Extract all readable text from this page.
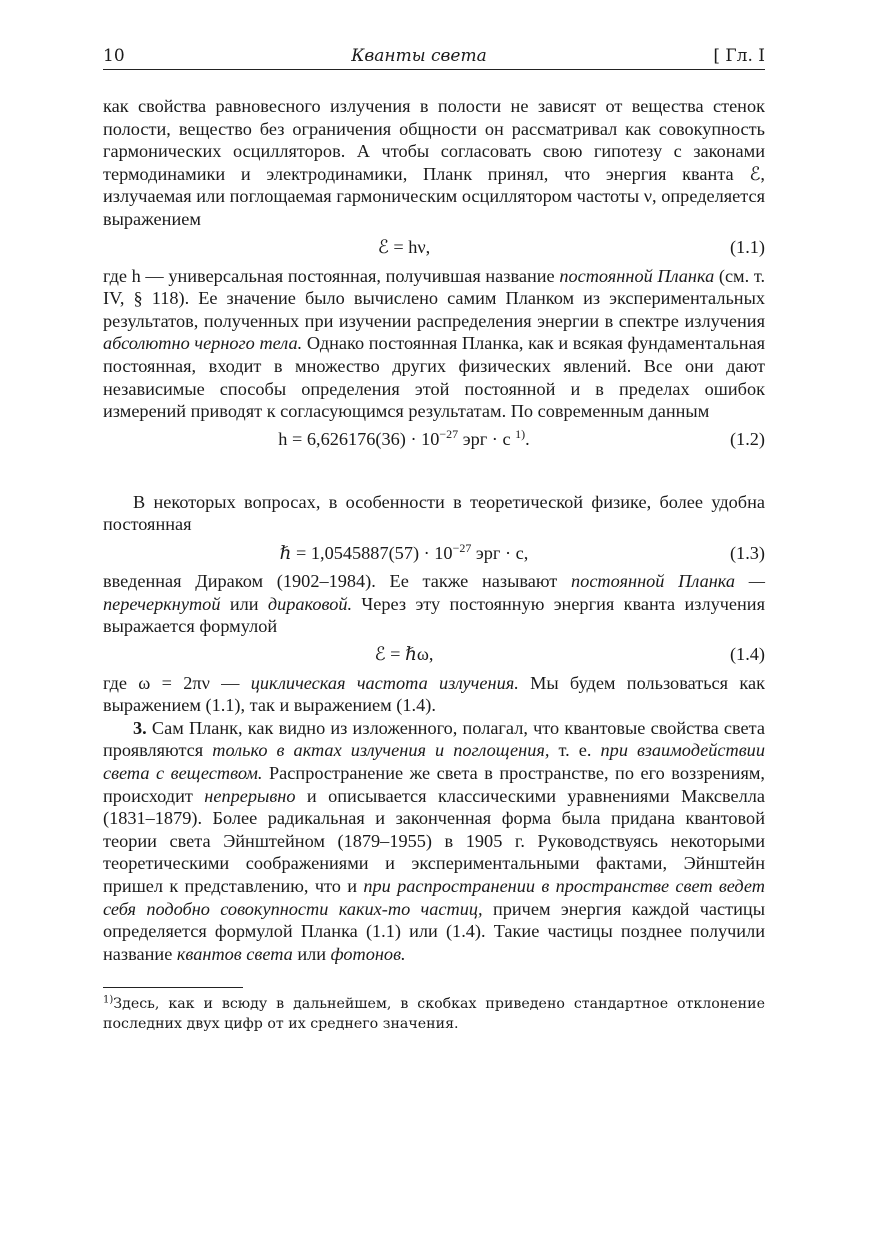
10	Кванты света	[ Гл. I

как свойства равновесного излучения в полости не зависят от вещества стенок полости, вещество без ограничения общности он рассматривал как совокупность гармонических осцилляторов. А чтобы согласовать свою гипотезу с законами термодинамики и электродинамики, Планк принял, что энергия кванта ℰ, излучаемая или поглощаемая гармоническим осциллятором частоты ν, определяется выражением

ℰ = hν,	(1.1)

где h — универсальная постоянная, получившая название постоянной Планка (см. т. IV, § 118). Ее значение было вычислено самим Планком из экспериментальных результатов, полученных при изучении распределения энергии в спектре излучения абсолютно черного тела. Однако постоянная Планка, как и всякая фундаментальная постоянная, входит в множество других физических явлений. Все они дают независимые способы определения этой постоянной и в пределах ошибок измерений приводят к согласующимся результатам. По современным данным

$h = 6,626176(36) \cdot 10^{-27}$ эрг · с $^{1)}$.	(1.2)

В некоторых вопросах, в особенности в теоретической физике, более удобна постоянная

ℏ = $1,0545887(57) \cdot 10^{-27}$ эрг · с,	(1.3)

введенная Дираком (1902–1984). Ее также называют постоянной Планка — перечеркнутой или дираковой. Через эту постоянную энергия кванта излучения выражается формулой

ℰ = ℏω,	(1.4)

где ω = 2πν — циклическая частота излучения. Мы будем пользоваться как выражением (1.1), так и выражением (1.4).

3. Сам Планк, как видно из изложенного, полагал, что квантовые свойства света проявляются только в актах излучения и поглощения, т. е. при взаимодействии света с веществом. Распространение же света в пространстве, по его воззрениям, происходит непрерывно и описывается классическими уравнениями Максвелла (1831–1879). Более радикальная и законченная форма была придана квантовой теории света Эйнштейном (1879–1955) в 1905 г. Руководствуясь некоторыми теоретическими соображениями и экспериментальными фактами, Эйнштейн пришел к представлению, что и при распространении в пространстве свет ведет себя подобно совокупности каких-то частиц, причем энергия каждой частицы определяется формулой Планка (1.1) или (1.4). Такие частицы позднее получили название квантов света или фотонов.

$^{1)}$Здесь, как и всюду в дальнейшем, в скобках приведено стандартное отклонение последних двух цифр от их среднего значения.
